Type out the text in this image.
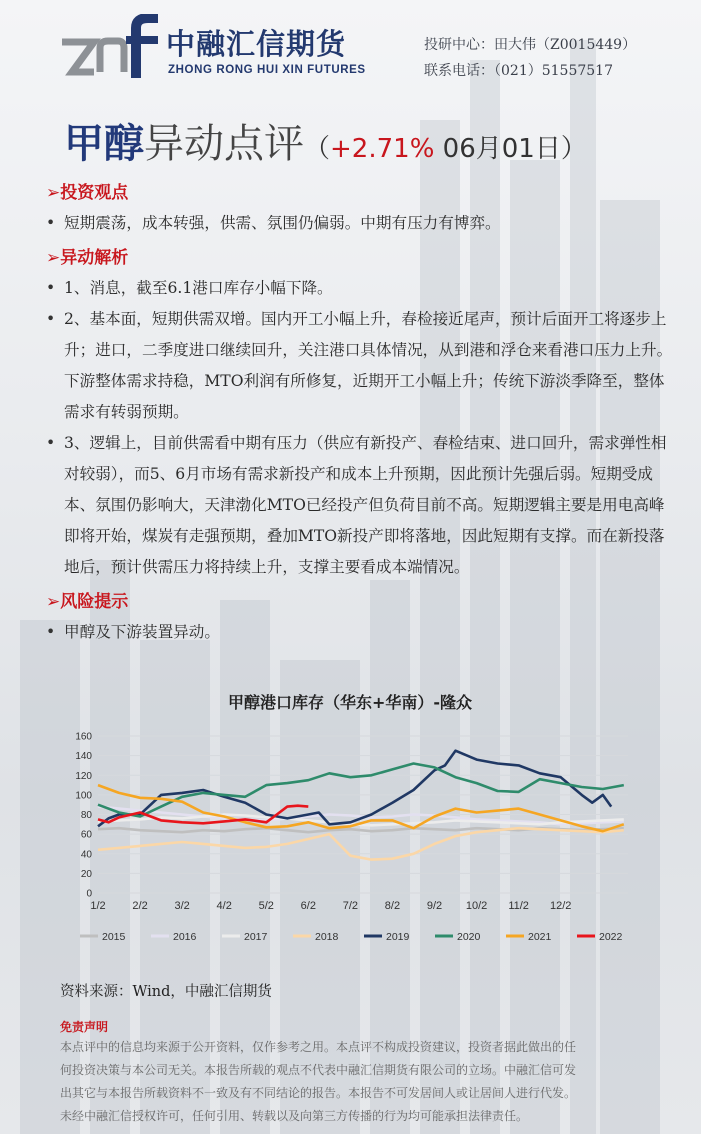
中融汇信期货
ZHONG RONG HUI XIN FUTURES
投研中心：田大伟（Z0015449）
联系电话：（021）51557517
甲醇异动点评（+2.71% 06月01日）
➢投资观点
• 短期震荡，成本转强，供需、氛围仍偏弱。中期有压力有博弈。
➢异动解析
• 1、消息，截至6.1港口库存小幅下降。
• 2、基本面，短期供需双增。国内开工小幅上升，春检接近尾声，预计后面开工将逐步上升；进口，二季度进口继续回升，关注港口具体情况，从到港和浮仓来看港口压力上升。下游整体需求持稳，MTO利润有所修复，近期开工小幅上升；传统下游淡季降至，整体需求有转弱预期。
• 3、逻辑上，目前供需看中期有压力（供应有新投产、春检结束、进口回升，需求弹性相对较弱），而5、6月市场有需求新投产和成本上升预期，因此预计先强后弱。短期受成本、氛围仍影响大，天津渤化MTO已经投产但负荷目前不高。短期逻辑主要是用电高峰即将开始，煤炭有走强预期，叠加MTO新投产即将落地，因此短期有支撑。而在新投落地后，预计供需压力将持续上升，支撑主要看成本端情况。
➢风险提示
• 甲醇及下游装置异动。
甲醇港口库存（华东+华南）-隆众
0
20
40
60
80
100
120
140
160
1/2 2/2 3/2 4/2 5/2 6/2 7/2 8/2 9/2 10/2 11/2 12/2
2015	2016	2017	2018	2019	2020	2021	2022
资料来源：Wind，中融汇信期货
免责声明
本点评中的信息均来源于公开资料，仅作参考之用。本点评不构成投资建议，投资者据此做出的任
何投资决策与本公司无关。本报告所载的观点不代表中融汇信期货有限公司的立场。中融汇信可发
出其它与本报告所载资料不一致及有不同结论的报告。本报告不可发居间人或让居间人进行代发。
未经中融汇信授权许可，任何引用、转载以及向第三方传播的行为均可能承担法律责任。
